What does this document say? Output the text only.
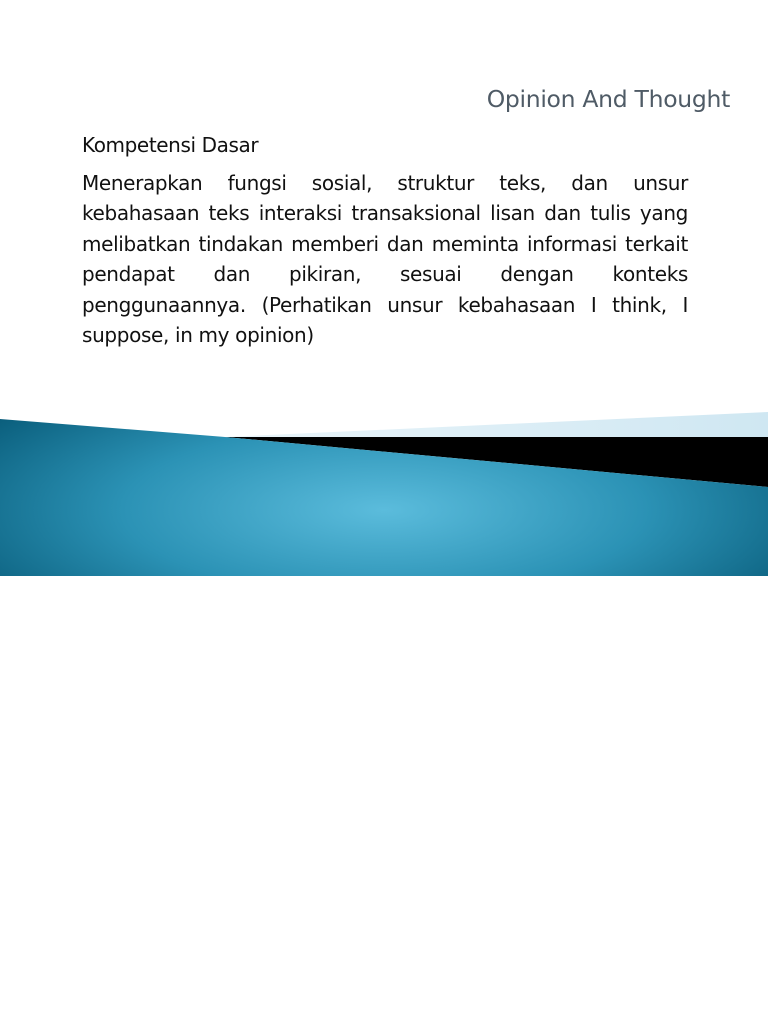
Opinion And Thought

Kompetensi Dasar

Menerapkan fungsi sosial, struktur teks, dan unsur kebahasaan teks interaksi transaksional lisan dan tulis yang melibatkan tindakan memberi dan meminta informasi terkait pendapat dan pikiran, sesuai dengan konteks penggunaannya. (Perhatikan unsur kebahasaan I think, I suppose, in my opinion)
